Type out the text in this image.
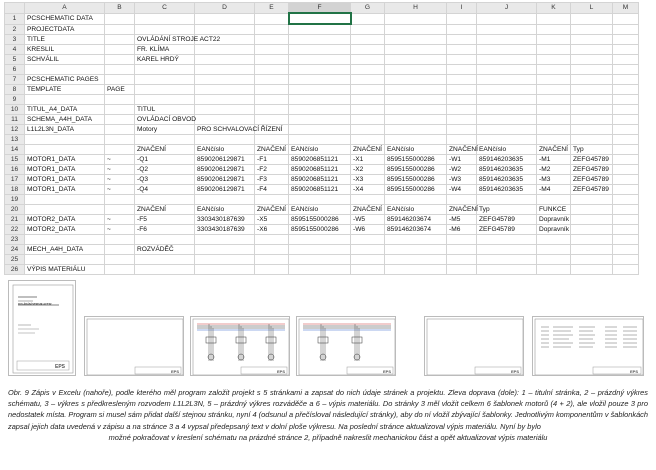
	A	B	C	D	E	F	G	H	I	J	K	L	M
1	PCSCHEMATIC DATA												
2	PROJECTDATA												
3	TITLE		OVLÁDÁNÍ STROJE ACT22										
4	KRESLIL		FR. KLÍMA										
5	SCHVÁLIL		KAREL HRDÝ										
6													
7	PCSCHEMATIC PAGES												
8	TEMPLATE	PAGE											
9													
10	TITUL_A4_DATA		TITUL										
11	SCHEMA_A4H_DATA		OVLÁDACÍ OBVOD										
12	L1L2L3N_DATA		Motory	PRO SCHVALOVACÍ ŘÍZENÍ									
13													
14			ZNAČENÍ	EANčíslo	ZNAČENÍ	EANčíslo	ZNAČENÍ	EANčíslo	ZNAČENÍ	EANčíslo	ZNAČENÍ	Typ	
15	MOTOR1_DATA	~	-Q1	8590206129871	-F1	8590206851121	-X1	8595155000286	-W1	859146203635	-M1	ZEFG45789	
16	MOTOR1_DATA	~	-Q2	8590206129871	-F2	8590206851121	-X2	8595155000286	-W2	859146203635	-M2	ZEFG45789	
17	MOTOR1_DATA	~	-Q3	8590206129871	-F3	8590206851121	-X3	8595155000286	-W3	859146203635	-M3	ZEFG45789	
18	MOTOR1_DATA	~	-Q4	8590206129871	-F4	8590206851121	-X4	8595155000286	-W4	859146203635	-M4	ZEFG45789	
19													
20			ZNAČENÍ	EANčíslo	ZNAČENÍ	EANčíslo	ZNAČENÍ	EANčíslo	ZNAČENÍ	Typ	FUNKCE		
21	MOTOR2_DATA	~	-F5	3303430187639	-X5	8595155000286	-W5	859146203674	-M5	ZEFG45789	Dopravník		
22	MOTOR2_DATA	~	-F6	3303430187639	-X6	8595155000286	-W6	859146203674	-M6	ZEFG45789	Dopravník		
23													
24	MECH_A4H_DATA		ROZVÁDĚČ										
25													
26	VÝPIS MATERIÁLU												
EPS
OVLÁDÁNÍ STROJE ACT22
EPS	EPS	EPS	EPS	EPS
Obr. 9 Zápis v Excelu (nahoře), podle kterého měl program založit projekt s 5 stránkami a zapsat do nich údaje stránek a projektu. Zleva doprava (dole): 1 – titulní stránka, 2 – prázdný výkres schématu, 3 – výkres s předkresleným rozvodem L1L2L3N, 5 – prázdný výkres rozváděče a 6 – výpis materiálu. Do stránky 3 měl vložit celkem 6 šablonek motorů (4 + 2), ale vložil pouze 3 pro nedostatek místa. Program si musel sám přidat další stejnou stránku, nyní 4 (odsunul a přečísloval následující stránky), aby do ní vložil zbývající šablonky. Jednotlivým komponentům v šablonkách zapsal jejich data uvedená v zápisu a na stránce 3 a 4 vypsal předepsaný text v dolní ploše výkresu. Na poslední stránce aktualizoval výpis materiálu. Nyní by bylo
možné pokračovat v kreslení schématu na prázdné stránce 2, případně nakreslit mechanickou část a opět aktualizovat výpis materiálu
